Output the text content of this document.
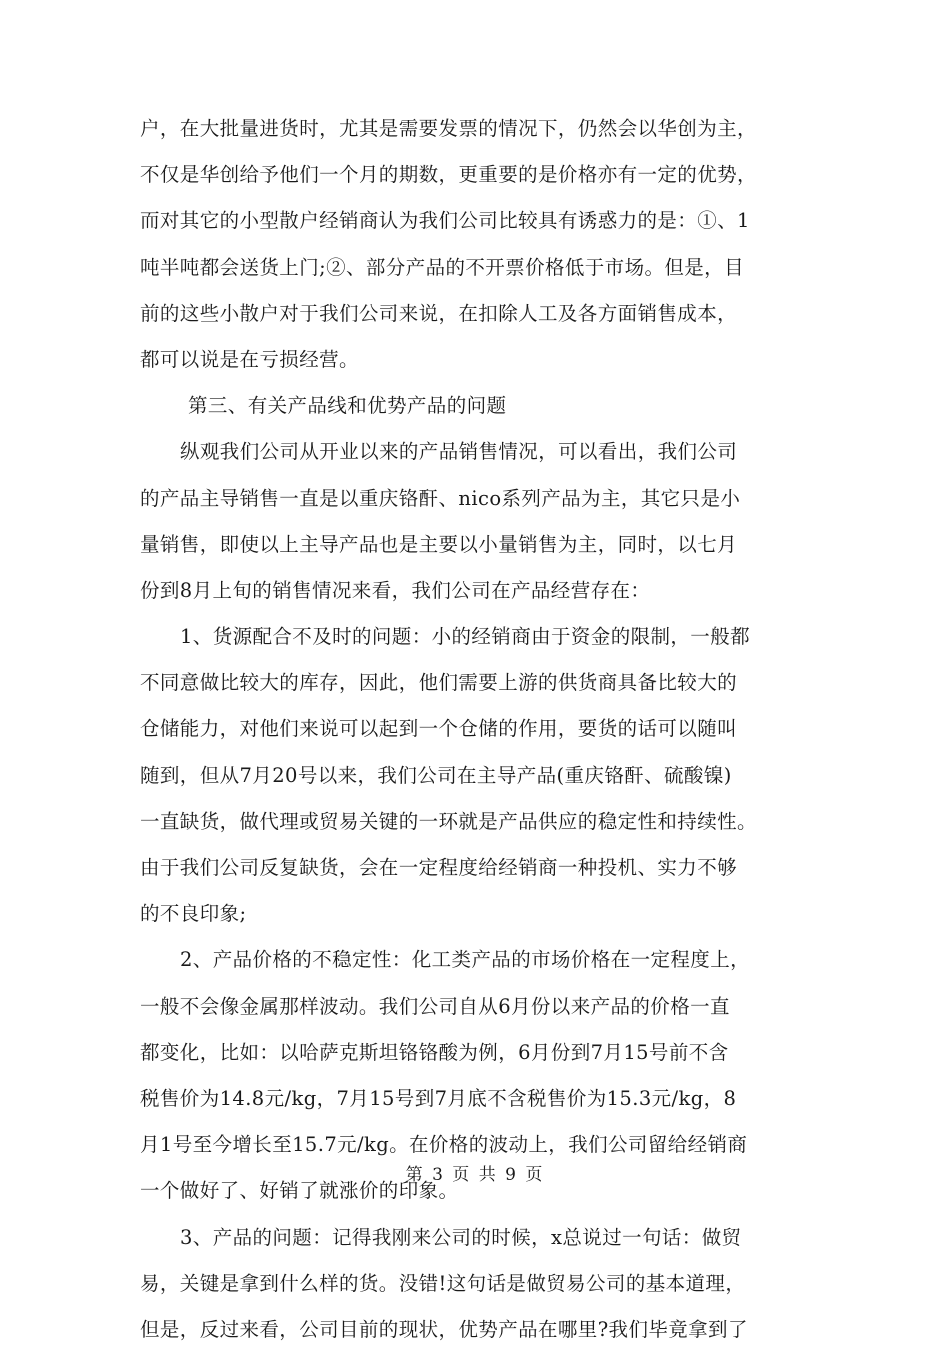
户，在大批量进货时，尤其是需要发票的情况下，仍然会以华创为主，
不仅是华创给予他们一个月的期数，更重要的是价格亦有一定的优势，
而对其它的小型散户经销商认为我们公司比较具有诱惑力的是：①、1
吨半吨都会送货上门;②、部分产品的不开票价格低于市场。但是，目
前的这些小散户对于我们公司来说，在扣除人工及各方面销售成本，
都可以说是在亏损经营。
第三、有关产品线和优势产品的问题
纵观我们公司从开业以来的产品销售情况，可以看出，我们公司
的产品主导销售一直是以重庆铬酐、nico系列产品为主，其它只是小
量销售，即使以上主导产品也是主要以小量销售为主，同时，以七月
份到8月上旬的销售情况来看，我们公司在产品经营存在：
1、货源配合不及时的问题：小的经销商由于资金的限制，一般都
不同意做比较大的库存，因此，他们需要上游的供货商具备比较大的
仓储能力，对他们来说可以起到一个仓储的作用，要货的话可以随叫
随到，但从7月20号以来，我们公司在主导产品(重庆铬酐、硫酸镍)
一直缺货，做代理或贸易关键的一环就是产品供应的稳定性和持续性。
由于我们公司反复缺货，会在一定程度给经销商一种投机、实力不够
的不良印象;
2、产品价格的不稳定性：化工类产品的市场价格在一定程度上，
一般不会像金属那样波动。我们公司自从6月份以来产品的价格一直
都变化，比如：以哈萨克斯坦铬铬酸为例，6月份到7月15号前不含
税售价为14.8元/kg，7月15号到7月底不含税售价为15.3元/kg，8
月1号至今增长至15.7元/kg。在价格的波动上，我们公司留给经销商
一个做好了、好销了就涨价的印象。
3、产品的问题：记得我刚来公司的时候，x总说过一句话：做贸
易，关键是拿到什么样的货。没错!这句话是做贸易公司的基本道理，
但是，反过来看，公司目前的现状，优势产品在哪里?我们毕竟拿到了
第 3 页 共 9 页
